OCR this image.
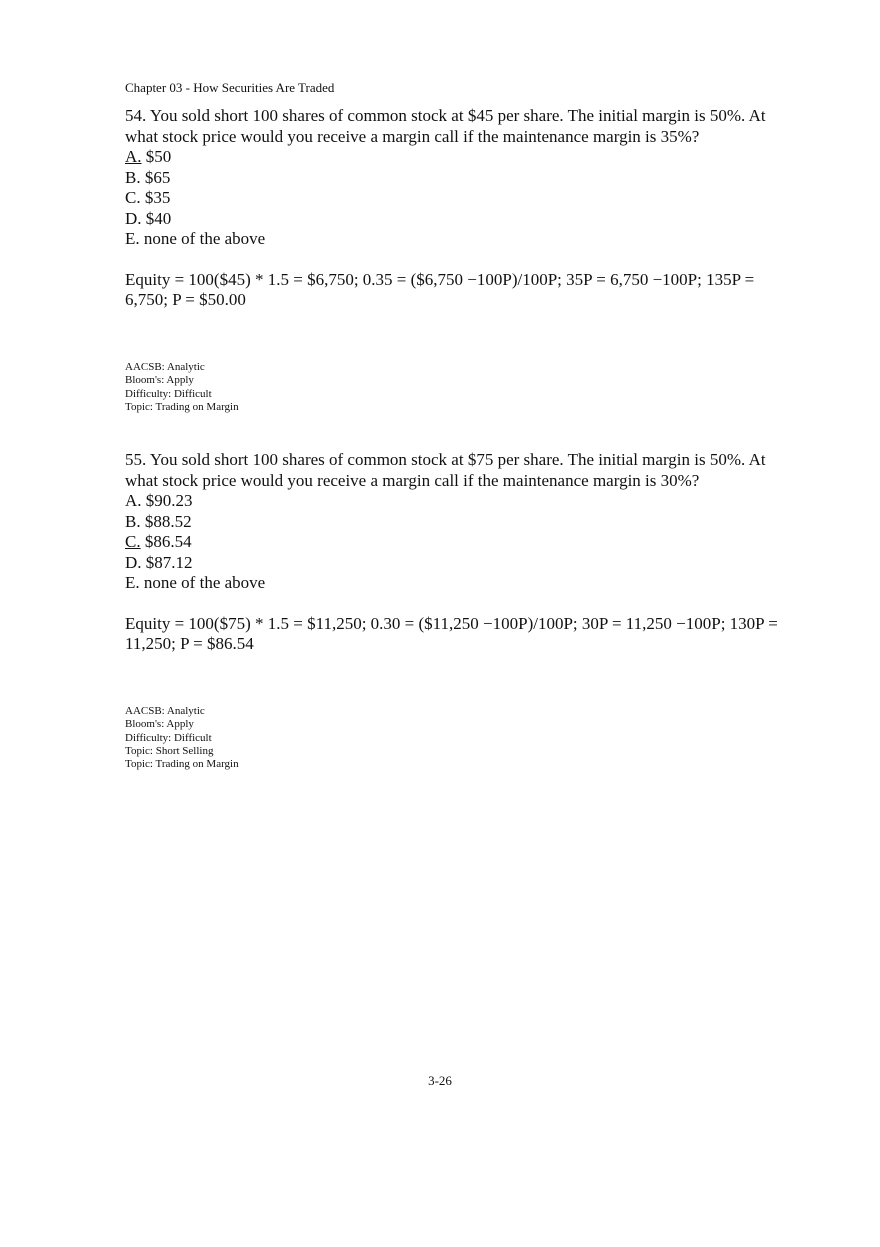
Chapter 03 - How Securities Are Traded

54. You sold short 100 shares of common stock at $45 per share. The initial margin is 50%. At what stock price would you receive a margin call if the maintenance margin is 35%?

A. $50
B. $65
C. $35
D. $40
E. none of the above

Equity = 100($45) * 1.5 = $6,750; 0.35 = ($6,750 −100P)/100P; 35P = 6,750 −100P; 135P = 6,750; P = $50.00

AACSB: Analytic
Bloom's: Apply
Difficulty: Difficult
Topic: Trading on Margin

55. You sold short 100 shares of common stock at $75 per share. The initial margin is 50%. At what stock price would you receive a margin call if the maintenance margin is 30%?

A. $90.23
B. $88.52
C. $86.54
D. $87.12
E. none of the above

Equity = 100($75) * 1.5 = $11,250; 0.30 = ($11,250 −100P)/100P; 30P = 11,250 −100P; 130P = 11,250; P = $86.54

AACSB: Analytic
Bloom's: Apply
Difficulty: Difficult
Topic: Short Selling
Topic: Trading on Margin
3-26
